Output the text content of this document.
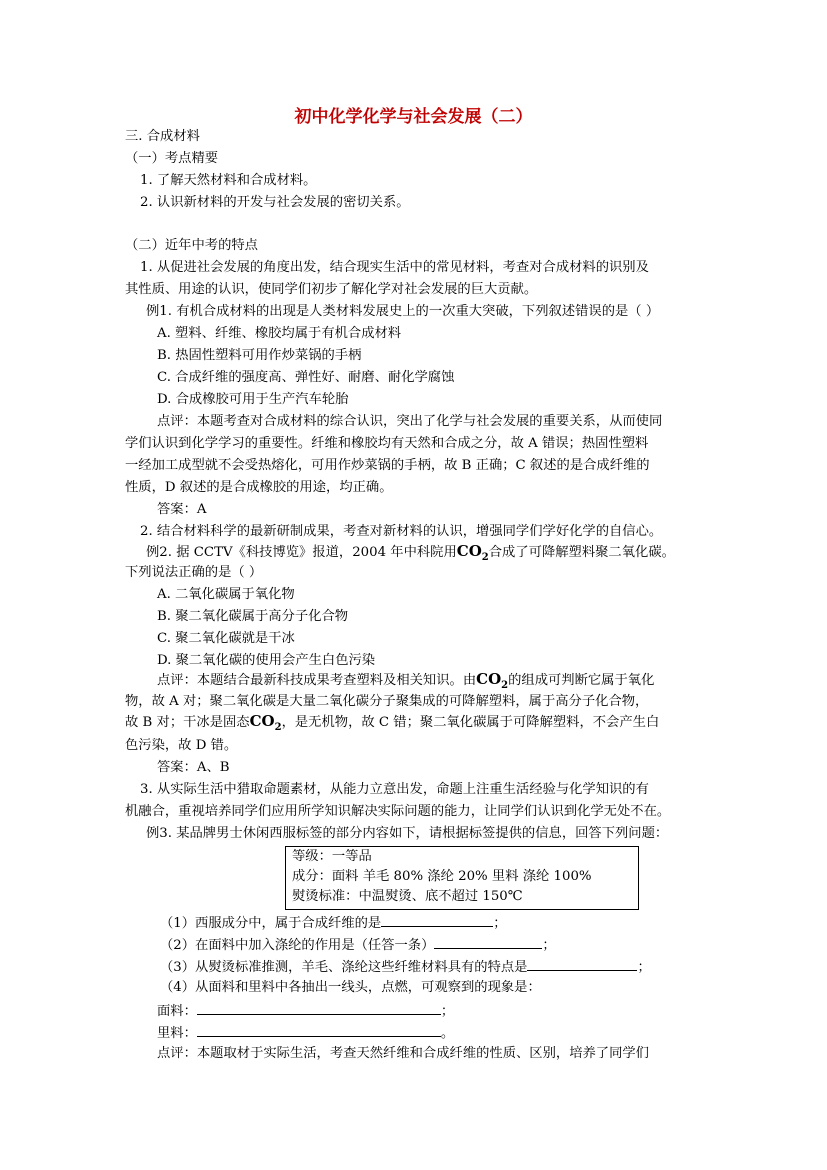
初中化学化学与社会发展（二）
三. 合成材料
（一）考点精要
1. 了解天然材料和合成材料。
2. 认识新材料的开发与社会发展的密切关系。
（二）近年中考的特点
1. 从促进社会发展的角度出发，结合现实生活中的常见材料，考查对合成材料的识别及
其性质、用途的认识，使同学们初步了解化学对社会发展的巨大贡献。
例1. 有机合成材料的出现是人类材料发展史上的一次重大突破，下列叙述错误的是（ ）
A. 塑料、纤维、橡胶均属于有机合成材料
B. 热固性塑料可用作炒菜锅的手柄
C. 合成纤维的强度高、弹性好、耐磨、耐化学腐蚀
D. 合成橡胶可用于生产汽车轮胎
点评：本题考查对合成材料的综合认识，突出了化学与社会发展的重要关系，从而使同
学们认识到化学学习的重要性。纤维和橡胶均有天然和合成之分，故 A 错误；热固性塑料
一经加工成型就不会受热熔化，可用作炒菜锅的手柄，故 B 正确；C 叙述的是合成纤维的
性质，D 叙述的是合成橡胶的用途，均正确。
答案：A
2. 结合材料科学的最新研制成果，考查对新材料的认识，增强同学们学好化学的自信心。
例2. 据 CCTV《科技博览》报道，2004 年中科院用$CO_2$合成了可降解塑料聚二氧化碳。
下列说法正确的是（ ）
A. 二氧化碳属于氧化物
B. 聚二氧化碳属于高分子化合物
C. 聚二氧化碳就是干冰
D. 聚二氧化碳的使用会产生白色污染
点评：本题结合最新科技成果考查塑料及相关知识。由$CO_2$的组成可判断它属于氧化
物，故 A 对；聚二氧化碳是大量二氧化碳分子聚集成的可降解塑料，属于高分子化合物，
故 B 对；干冰是固态$CO_2$，是无机物，故 C 错；聚二氧化碳属于可降解塑料，不会产生白
色污染，故 D 错。
答案：A、B
3. 从实际生活中猎取命题素材，从能力立意出发，命题上注重生活经验与化学知识的有
机融合，重视培养同学们应用所学知识解决实际问题的能力，让同学们认识到化学无处不在。
例3. 某品牌男士休闲西服标签的部分内容如下，请根据标签提供的信息，回答下列问题：
等级：一等品
成分：面料 羊毛 80% 涤纶 20% 里料 涤纶 100%
熨烫标准：中温熨烫、底不超过 150℃
（1）西服成分中，属于合成纤维的是	；
（2）在面料中加入涤纶的作用是（任答一条）	；
（3）从熨烫标准推测，羊毛、涤纶这些纤维材料具有的特点是	；
（4）从面料和里料中各抽出一线头，点燃，可观察到的现象是：
面料：	；
里料：	。
点评：本题取材于实际生活，考查天然纤维和合成纤维的性质、区别，培养了同学们
